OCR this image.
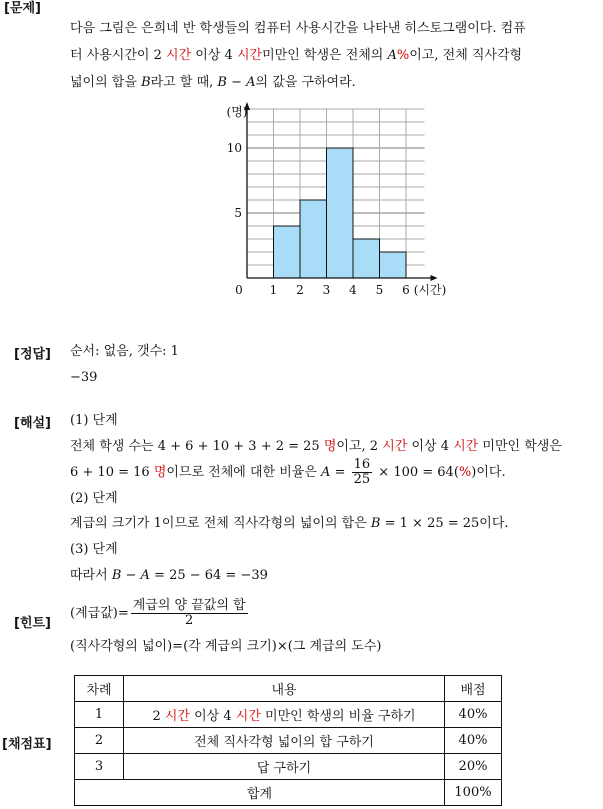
[문제]
다음 그림은 은희네 반 학생들의 컴퓨터 사용시간을 나타낸 히스토그램이다. 컴퓨
터 사용시간이 2 시간 이상 4 시간미만인 학생은 전체의 A%이고, 전체 직사각형
넓이의 합을 B라고 할 때, B − A의 값을 구하여라.
0 1 2 3 4 5 6
5
10
(명)
(시간)
[정답] 순서: 없음, 갯수: 1
−39
[해설] (1) 단계
전체 학생 수는 4 + 6 + 10 + 3 + 2 = 25 명이고, 2 시간 이상 4 시간 미만인 학생은
6 + 10 = 16 명이므로 전체에 대한 비율은 $A = \frac{16}{25} \times 100 = 64(\%)$이다.
(2) 단계
계급의 크기가 1이므로 전체 직사각형의 넓이의 합은 B = 1 × 25 = 25이다.
(3) 단계
따라서 B − A = 25 − 64 = −39
[힌트]
(계급값)= $\frac{\text{계급의 양 끝값의 합}}{2}$
(직사각형의 넓이)=(각 계급의 크기)×(그 계급의 도수)
[채점표]
차례	내용	배점
1	2 시간 이상 4 시간 미만인 학생의 비율 구하기	40%
2	전체 직사각형 넓이의 합 구하기	40%
3	답 구하기	20%
합계		100%
